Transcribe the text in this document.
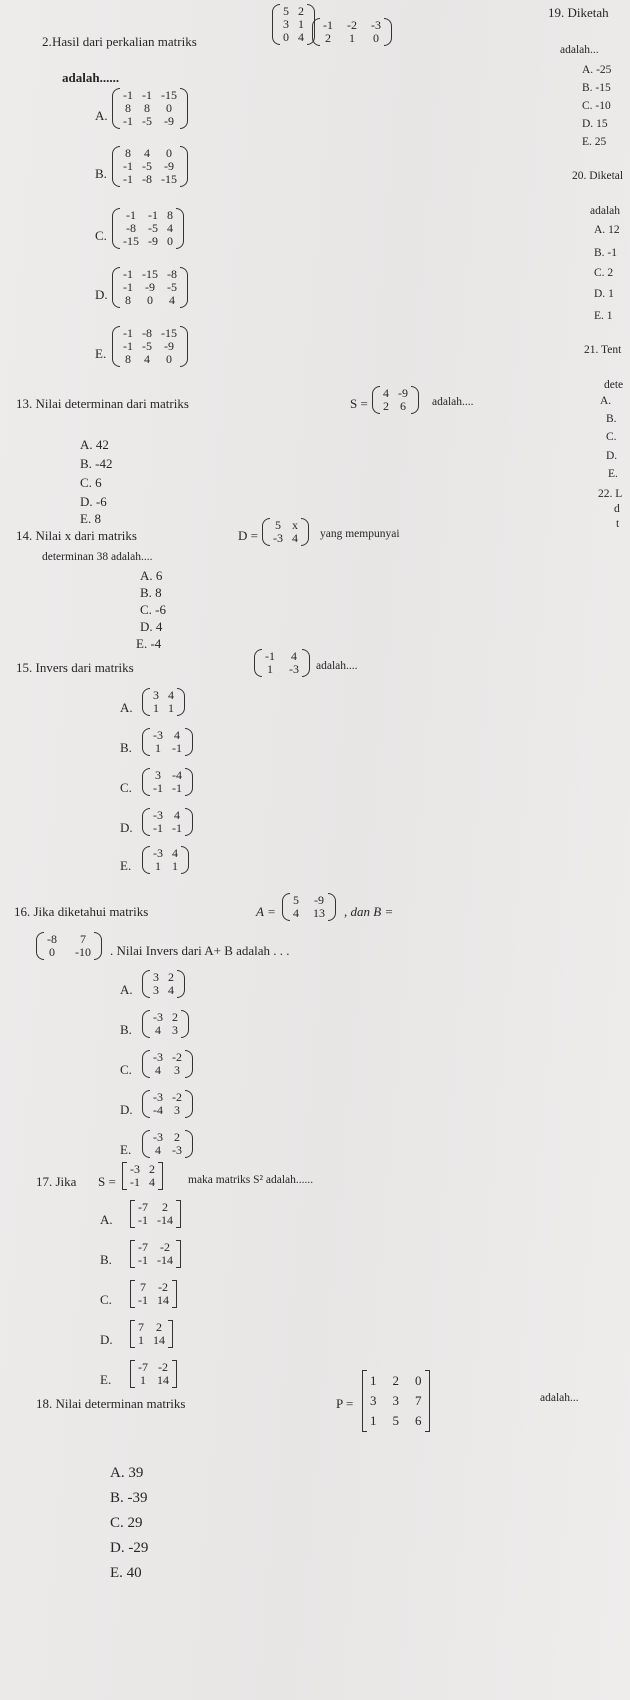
2. Hasil dari perkalian matriks
5 2
3 1
0 4
-1 -2 -3
2 1 0
adalah......
A.
-1 -1 -15
8 8	0
-1 -5 -9
B.
8 4	0
-1 -5 -9
-1 -8 -15
C.
-1 -1 8
-8 -5 4
-15 -9 0
D.
-1 -15 -8
-1 -9 -5
8	0	4
E.
-1 -8 -15
-1 -5 -9
8 4	0
13. Nilai determinan dari matriks	S =
4 -9
2 6 adalah....
A. 42
B. -42
C. 6
D. -6
E. 8
14. Nilai x dari matriks	D =
5 x
-3 4 yang mempunyai
determinan 38 adalah....
A. 6
B. 8
C. -6
D. 4
E. -4
15. Invers dari matriks
-1 4
1 -3 adalah....
A.
3 4
1 1
B.
-3 4
1 -1
C.
3 -4
-1 -1
D.
-3 4
-1 -1
E.
-3 4
1 1
16. Jika diketahui matriks	A =
5 -9
4 13 , dan B =
-8	7
0 -10 . Nilai Invers dari A+ B adalah . . .
A.
3 2
3 4
B.
-3 2
4 3
C.
-3 -2
4 3
D.
-3 -2
-4 3
E.
-3 2
4 -3
17. Jika S =
-3 2
-1 4	maka matriks S² adalah......
A.
-7	2
-1 -14
B.
-7 -2
-1 -14
C.
7 -2
-1 14
D.
7 2
1 14
E.
-7 -2
1 14
18. Nilai determinan matriks	P =
1 2 0
3 3 7
1 5 6
adalah...
A. 39
B. -39
C. 29
D. -29
E. 40
19. Diketah
adalah...
A. -25
B. -15
C. -10
D. 15
E. 25
20. Diketal
adalah
A. 12
B. -1
C. 2
D. 1
E. 1
21. Tent
dete
A.
B.
C.
D.
E.
22. L
d
t
